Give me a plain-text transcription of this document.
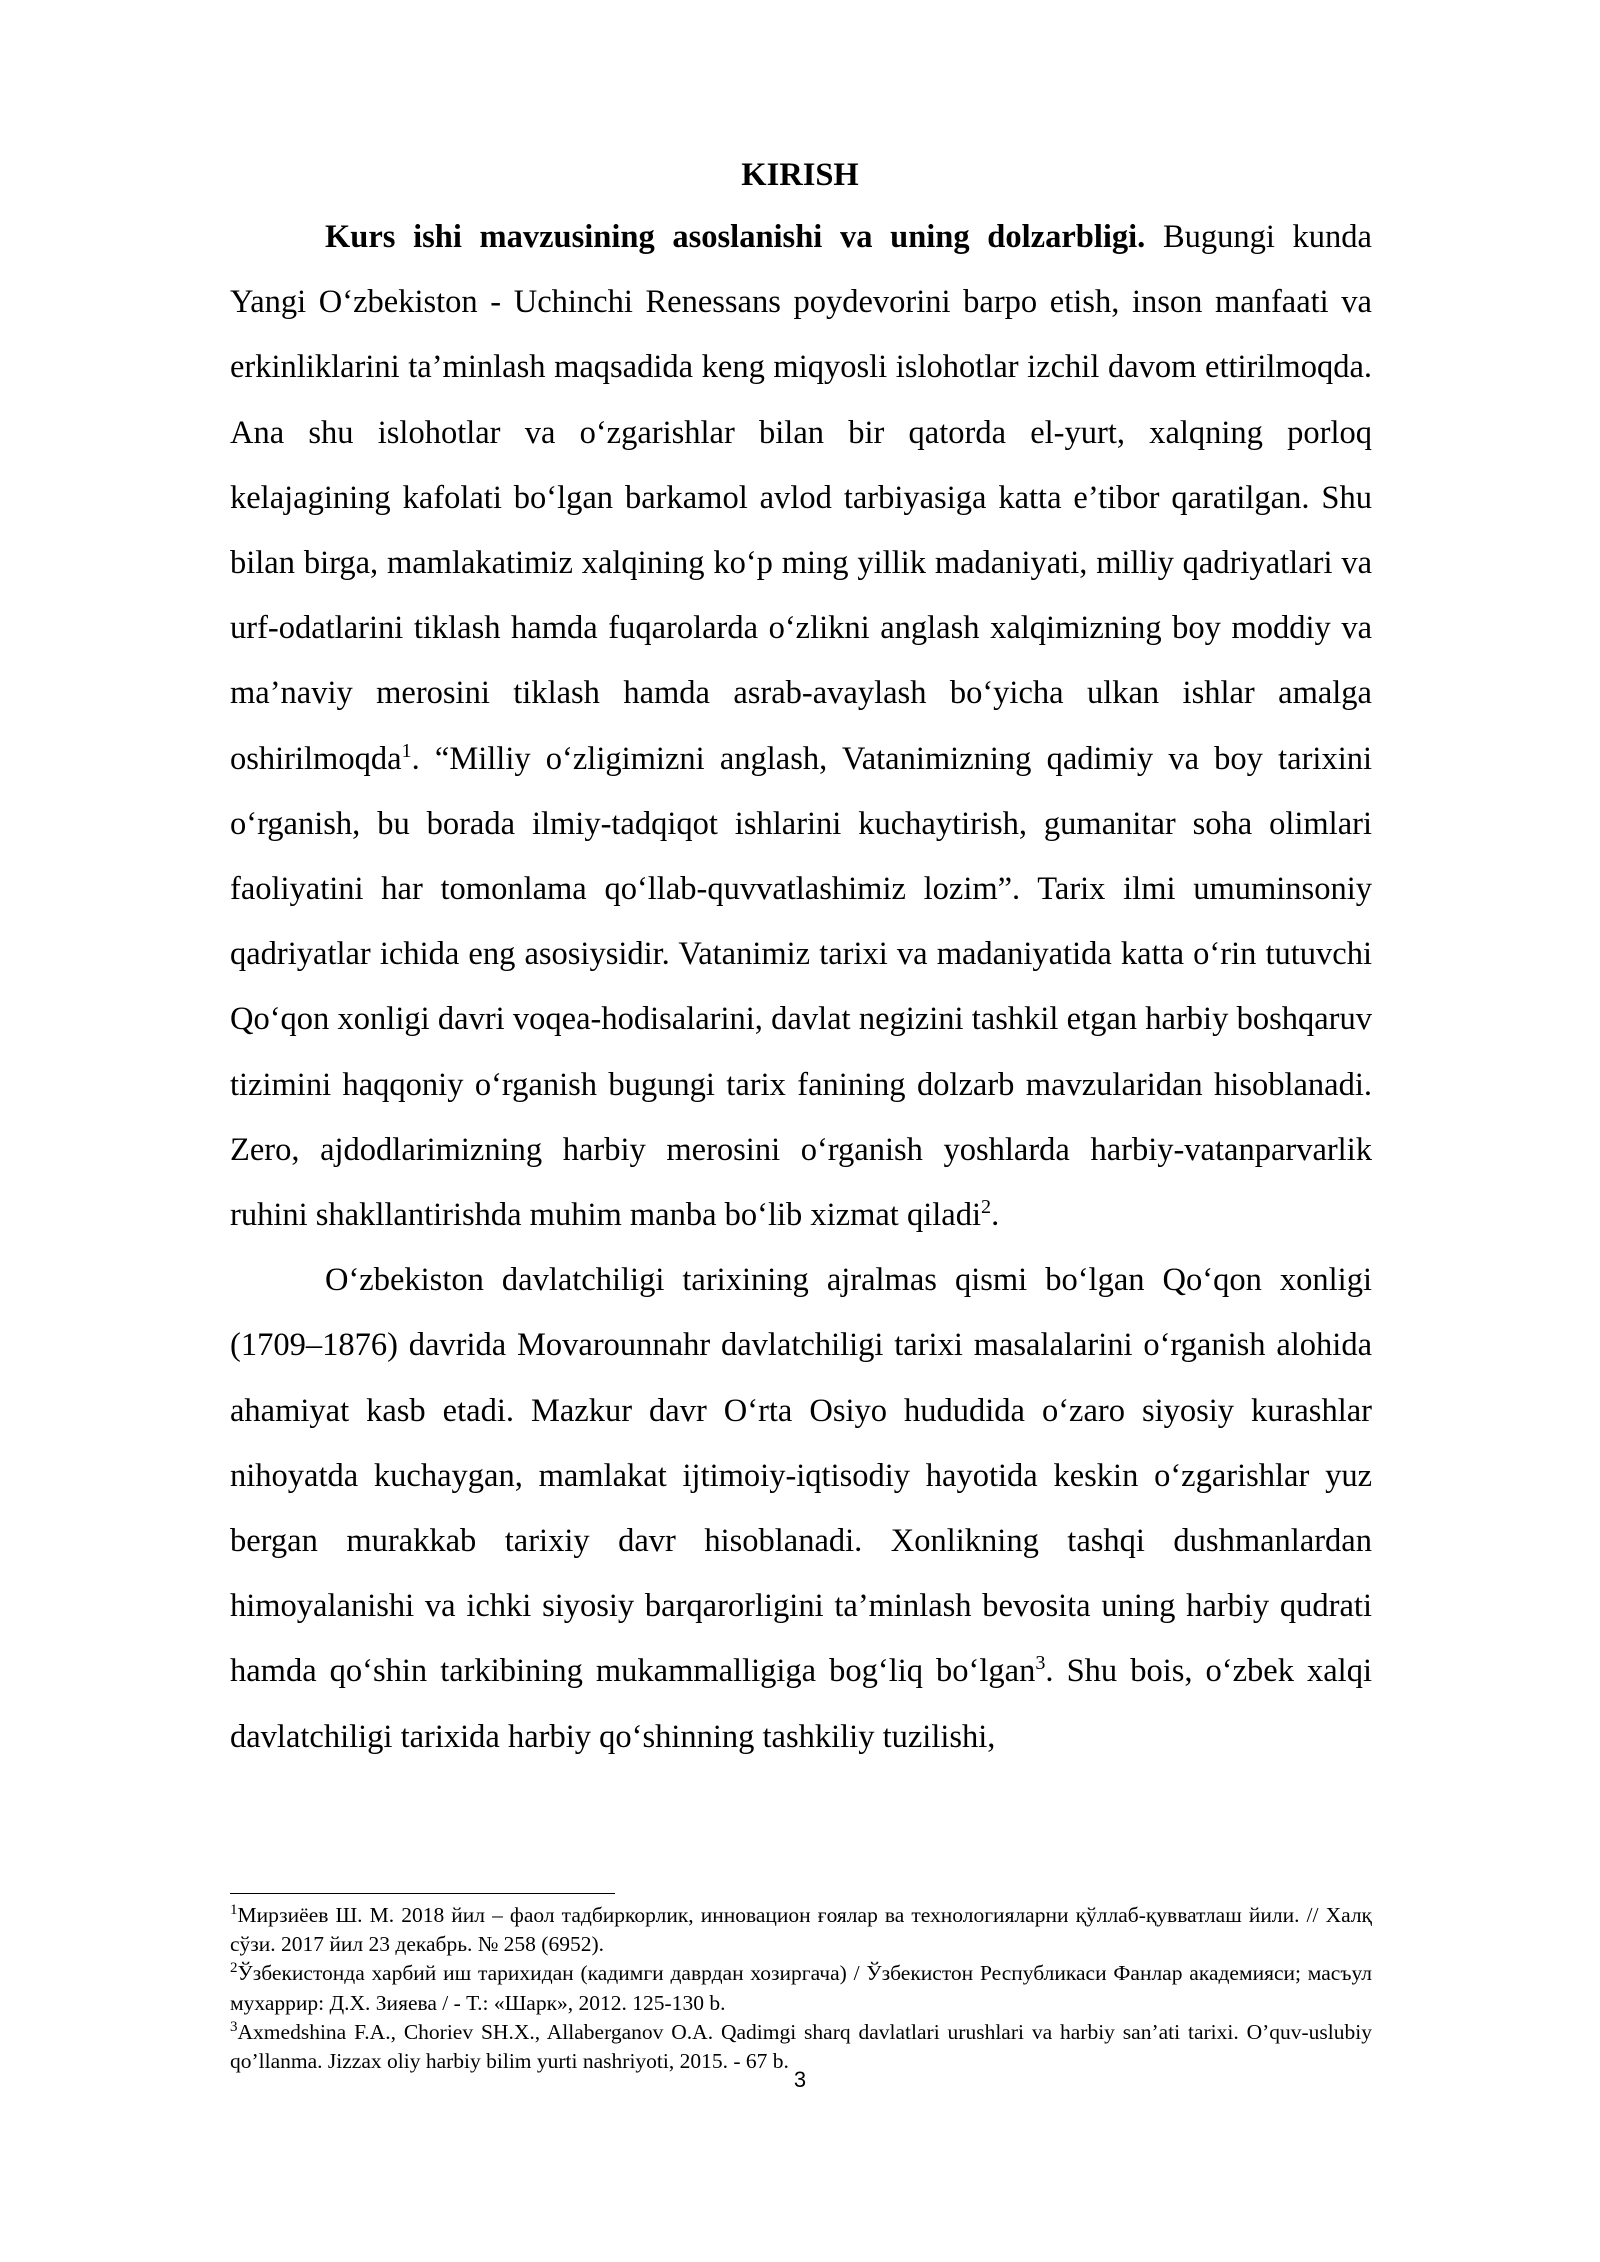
KIRISH

Kurs ishi mavzusining asoslanishi va uning dolzarbligi. Bugungi kunda Yangi O‘zbekiston - Uchinchi Renessans poydevorini barpo etish, inson manfaati va erkinliklarini ta’minlash maqsadida keng miqyosli islohotlar izchil davom ettirilmoqda. Ana shu islohotlar va o‘zgarishlar bilan bir qatorda el-yurt, xalqning porloq kelajagining kafolati bo‘lgan barkamol avlod tarbiyasiga katta e’tibor qaratilgan. Shu bilan birga, mamlakatimiz xalqining ko‘p ming yillik madaniyati, milliy qadriyatlari va urf-odatlarini tiklash hamda fuqarolarda o‘zlikni anglash xalqimizning boy moddiy va ma’naviy merosini tiklash hamda asrab-avaylash bo‘yicha ulkan ishlar amalga oshirilmoqda$^1$. “Milliy o‘zligimizni anglash, Vatanimizning qadimiy va boy tarixini o‘rganish, bu borada ilmiy-tadqiqot ishlarini kuchaytirish, gumanitar soha olimlari faoliyatini har tomonlama qo‘llab-quvvatlashimiz lozim”. Tarix ilmi umuminsoniy qadriyatlar ichida eng asosiysidir. Vatanimiz tarixi va madaniyatida katta o‘rin tutuvchi Qo‘qon xonligi davri voqea-hodisalarini, davlat negizini tashkil etgan harbiy boshqaruv tizimini haqqoniy o‘rganish bugungi tarix fanining dolzarb mavzularidan hisoblanadi. Zero, ajdodlarimizning harbiy merosini o‘rganish yoshlarda harbiy-vatanparvarlik ruhini shakllantirishda muhim manba bo‘lib xizmat qiladi$^2$.

O‘zbekiston davlatchiligi tarixining ajralmas qismi bo‘lgan Qo‘qon xonligi (1709–1876) davrida Movarounnahr davlatchiligi tarixi masalalarini o‘rganish alohida ahamiyat kasb etadi. Mazkur davr O‘rta Osiyo hududida o‘zaro siyosiy kurashlar nihoyatda kuchaygan, mamlakat ijtimoiy-iqtisodiy hayotida keskin o‘zgarishlar yuz bergan murakkab tarixiy davr hisoblanadi. Xonlikning tashqi dushmanlardan himoyalanishi va ichki siyosiy barqarorligini ta’minlash bevosita uning harbiy qudrati hamda qo‘shin tarkibining mukammalligiga bog‘liq bo‘lgan$^3$. Shu bois, o‘zbek xalqi davlatchiligi tarixida harbiy qo‘shinning tashkiliy tuzilishi,

$^1$Мирзиёев Ш. М. 2018 йил – фаол тадбиркорлик, инновацион ғоялар ва технологияларни қўллаб-қувватлаш йили. // Халқ сўзи. 2017 йил 23 декабрь. № 258 (6952).

$^2$Ўзбекистонда харбий иш тарихидан (кадимги даврдан хозиргача) / Ўзбекистон Республикаси Фанлар академияси; масъул мухаррир: Д.Х. Зияева / - Т.: «Шарк», 2012. 125-130 b.

$^3$Axmedshina F.A., Choriev SH.X., Allaberganov O.A. Qadimgi sharq davlatlari urushlari va harbiy san’ati tarixi. O’quv-uslubiy qo’llanma. Jizzax oliy harbiy bilim yurti nashriyoti, 2015. - 67 b.

3
